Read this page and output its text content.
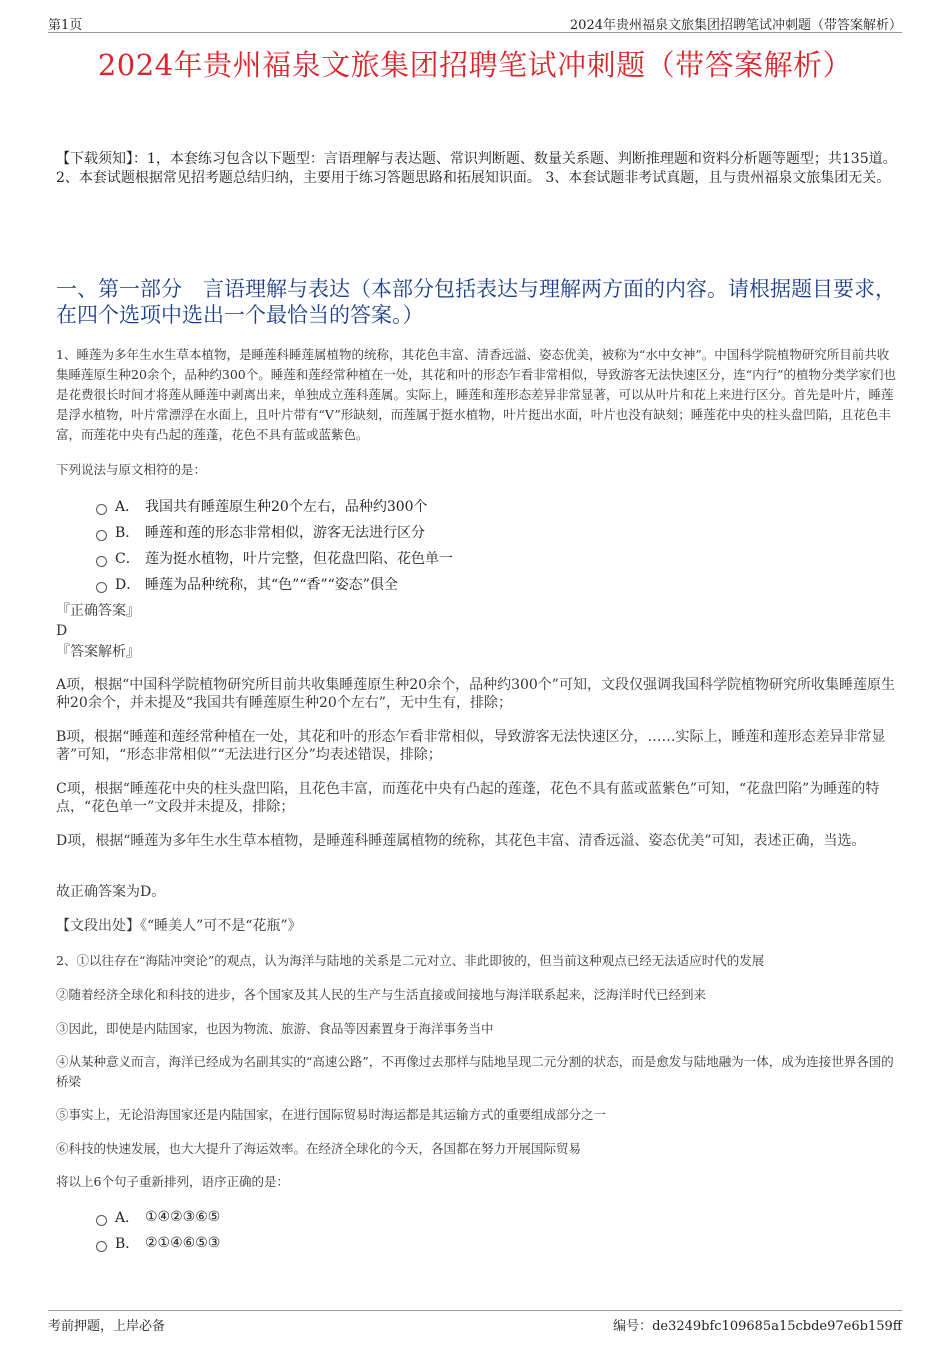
第1页	2024年贵州福泉文旅集团招聘笔试冲刺题（带答案解析）
2024年贵州福泉文旅集团招聘笔试冲刺题（带答案解析）
【下载须知】：1，本套练习包含以下题型：言语理解与表达题、常识判断题、数量关系题、判断推理题和资料分析题等题型；共135道。 2、本套试题根据常见招考题总结归纳，主要用于练习答题思路和拓展知识面。 3、本套试题非考试真题，且与贵州福泉文旅集团无关。
一、第一部分　言语理解与表达（本部分包括表达与理解两方面的内容。请根据题目要求，在四个选项中选出一个最恰当的答案。）
1、睡莲为多年生水生草本植物，是睡莲科睡莲属植物的统称，其花色丰富、清香远溢、姿态优美，被称为“水中女神”。中国科学院植物研究所目前共收集睡莲原生种20余个，品种约300个。睡莲和莲经常种植在一处，其花和叶的形态乍看非常相似，导致游客无法快速区分，连“内行”的植物分类学家们也是花费很长时间才将莲从睡莲中剥离出来，单独成立莲科莲属。实际上，睡莲和莲形态差异非常显著，可以从叶片和花上来进行区分。首先是叶片，睡莲是浮水植物，叶片常漂浮在水面上，且叶片带有“V”形缺刻，而莲属于挺水植物，叶片挺出水面，叶片也没有缺刻；睡莲花中央的柱头盘凹陷，且花色丰富，而莲花中央有凸起的莲蓬，花色不具有蓝或蓝紫色。
下列说法与原文相符的是：
A． 我国共有睡莲原生种20个左右，品种约300个
B． 睡莲和莲的形态非常相似，游客无法进行区分
C． 莲为挺水植物，叶片完整，但花盘凹陷、花色单一
D． 睡莲为品种统称，其“色”“香”“姿态”俱全
『正确答案』
D
『答案解析』
A项，根据“中国科学院植物研究所目前共收集睡莲原生种20余个，品种约300个”可知，文段仅强调我国科学院植物研究所收集睡莲原生种20余个，并未提及“我国共有睡莲原生种20个左右”，无中生有，排除；
B项，根据“睡莲和莲经常种植在一处，其花和叶的形态乍看非常相似，导致游客无法快速区分，……实际上，睡莲和莲形态差异非常显著”可知，“形态非常相似”“无法进行区分”均表述错误，排除；
C项，根据“睡莲花中央的柱头盘凹陷，且花色丰富，而莲花中央有凸起的莲蓬，花色不具有蓝或蓝紫色”可知，“花盘凹陷”为睡莲的特点，“花色单一”文段并未提及，排除；
D项，根据“睡莲为多年生水生草本植物，是睡莲科睡莲属植物的统称，其花色丰富、清香远溢、姿态优美”可知，表述正确，当选。
故正确答案为D。
【文段出处】《“睡美人”可不是“花瓶”》
2、①以往存在“海陆冲突论”的观点，认为海洋与陆地的关系是二元对立、非此即彼的，但当前这种观点已经无法适应时代的发展
②随着经济全球化和科技的进步，各个国家及其人民的生产与生活直接或间接地与海洋联系起来，泛海洋时代已经到来
③因此，即使是内陆国家，也因为物流、旅游、食品等因素置身于海洋事务当中
④从某种意义而言，海洋已经成为名副其实的“高速公路”，不再像过去那样与陆地呈现二元分割的状态，而是愈发与陆地融为一体，成为连接世界各国的桥梁
⑤事实上，无论沿海国家还是内陆国家，在进行国际贸易时海运都是其运输方式的重要组成部分之一
⑥科技的快速发展，也大大提升了海运效率。在经济全球化的今天，各国都在努力开展国际贸易
将以上6个句子重新排列，语序正确的是：
A． ①④②③⑥⑤
B． ②①④⑥⑤③
考前押题，上岸必备	编号：de3249bfc109685a15cbde97e6b159ff
